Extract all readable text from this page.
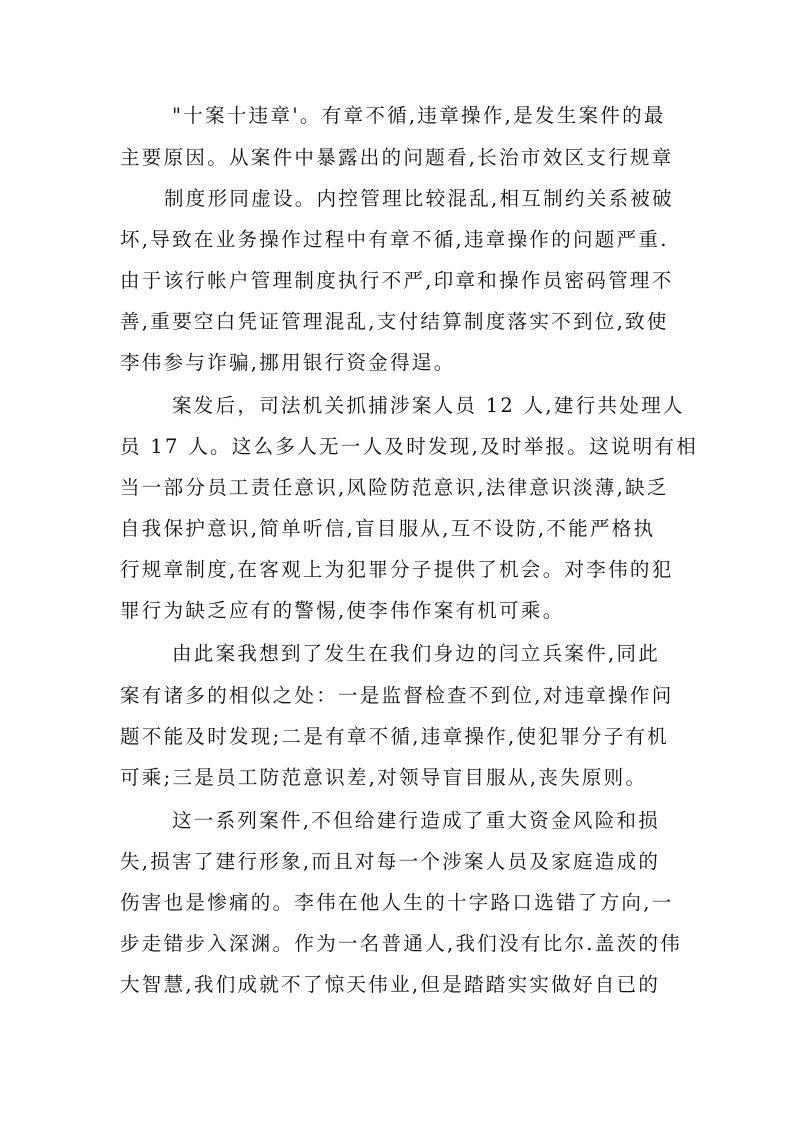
"十案十违章'。有章不循,违章操作,是发生案件的最
主要原因。从案件中暴露出的问题看,长治市效区支行规章
制度形同虚设。内控管理比较混乱,相互制约关系被破
坏,导致在业务操作过程中有章不循,违章操作的问题严重.
由于该行帐户管理制度执行不严,印章和操作员密码管理不
善,重要空白凭证管理混乱,支付结算制度落实不到位,致使
李伟参与诈骗,挪用银行资金得逞。
案发后，司法机关抓捕涉案人员 12 人,建行共处理人
员 17 人。这么多人无一人及时发现,及时举报。这说明有相
当一部分员工责任意识,风险防范意识,法律意识淡薄,缺乏
自我保护意识,简单听信,盲目服从,互不设防,不能严格执
行规章制度,在客观上为犯罪分子提供了机会。对李伟的犯
罪行为缺乏应有的警惕,使李伟作案有机可乘。
由此案我想到了发生在我们身边的闫立兵案件,同此
案有诸多的相似之处：一是监督检查不到位,对违章操作问
题不能及时发现;二是有章不循,违章操作,使犯罪分子有机
可乘;三是员工防范意识差,对领导盲目服从,丧失原则。
这一系列案件,不但给建行造成了重大资金风险和损
失,损害了建行形象,而且对每一个涉案人员及家庭造成的
伤害也是惨痛的。李伟在他人生的十字路口选错了方向,一
步走错步入深渊。作为一名普通人,我们没有比尔.盖茨的伟
大智慧,我们成就不了惊天伟业,但是踏踏实实做好自已的
